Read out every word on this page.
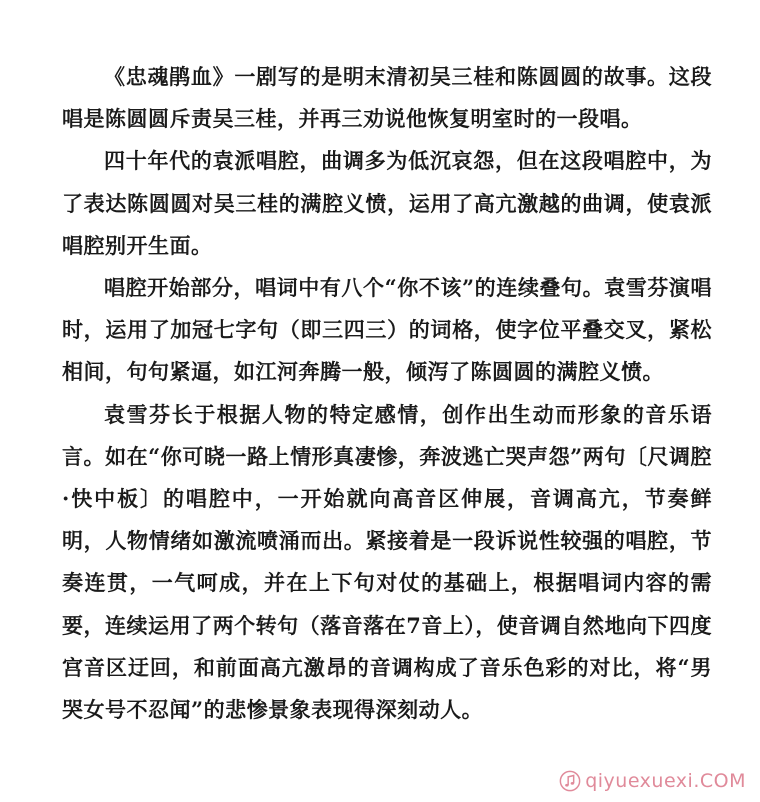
《忠魂鹃血》一剧写的是明末清初吴三桂和陈圆圆的故事。这段唱是陈圆圆斥责吴三桂，并再三劝说他恢复明室时的一段唱。

四十年代的袁派唱腔，曲调多为低沉哀怨，但在这段唱腔中，为了表达陈圆圆对吴三桂的满腔义愤，运用了高亢激越的曲调，使袁派唱腔别开生面。

唱腔开始部分，唱词中有八个“你不该”的连续叠句。袁雪芬演唱时，运用了加冠七字句（即三四三）的词格，使字位平叠交叉，紧松相间，句句紧逼，如江河奔腾一般，倾泻了陈圆圆的满腔义愤。

袁雪芬长于根据人物的特定感情，创作出生动而形象的音乐语言。如在“你可晓一路上情形真凄惨，奔波逃亡哭声怨”两句〔尺调腔·快中板〕的唱腔中，一开始就向高音区伸展，音调高亢，节奏鲜明，人物情绪如激流喷涌而出。紧接着是一段诉说性较强的唱腔，节奏连贯，一气呵成，并在上下句对仗的基础上，根据唱词内容的需要，连续运用了两个转句（落音落在7音上），使音调自然地向下四度宫音区迂回，和前面高亢激昂的音调构成了音乐色彩的对比，将“男哭女号不忍闻”的悲惨景象表现得深刻动人。

qiyuexuexi.COM
